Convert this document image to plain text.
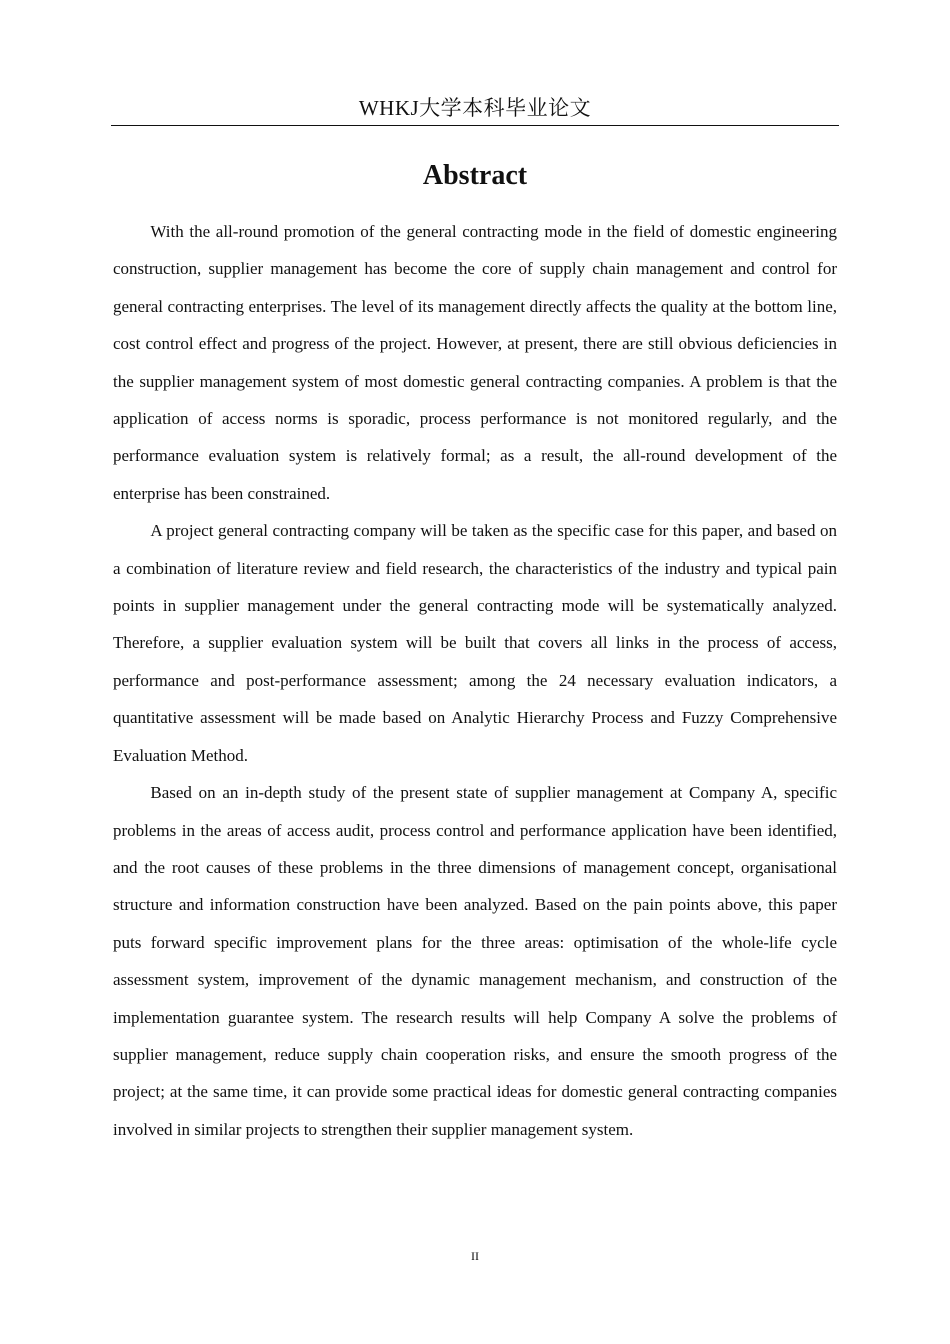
WHKJ大学本科毕业论文
Abstract

With the all-round promotion of the general contracting mode in the field of domestic engineering construction, supplier management has become the core of supply chain management and control for general contracting enterprises. The level of its management directly affects the quality at the bottom line, cost control effect and progress of the project. However, at present, there are still obvious deficiencies in the supplier management system of most domestic general contracting companies. A problem is that the application of access norms is sporadic, process performance is not monitored regularly, and the performance evaluation system is relatively formal; as a result, the all-round development of the enterprise has been constrained.

A project general contracting company will be taken as the specific case for this paper, and based on a combination of literature review and field research, the characteristics of the industry and typical pain points in supplier management under the general contracting mode will be systematically analyzed. Therefore, a supplier evaluation system will be built that covers all links in the process of access, performance and post-performance assessment; among the 24 necessary evaluation indicators, a quantitative assessment will be made based on Analytic Hierarchy Process and Fuzzy Comprehensive Evaluation Method.

Based on an in-depth study of the present state of supplier management at Company A, specific problems in the areas of access audit, process control and performance application have been identified, and the root causes of these problems in the three dimensions of management concept, organisational structure and information construction have been analyzed. Based on the pain points above, this paper puts forward specific improvement plans for the three areas: optimisation of the whole-life cycle assessment system, improvement of the dynamic management mechanism, and construction of the implementation guarantee system. The research results will help Company A solve the problems of supplier management, reduce supply chain cooperation risks, and ensure the smooth progress of the project; at the same time, it can provide some practical ideas for domestic general contracting companies involved in similar projects to strengthen their supplier management system.

II
